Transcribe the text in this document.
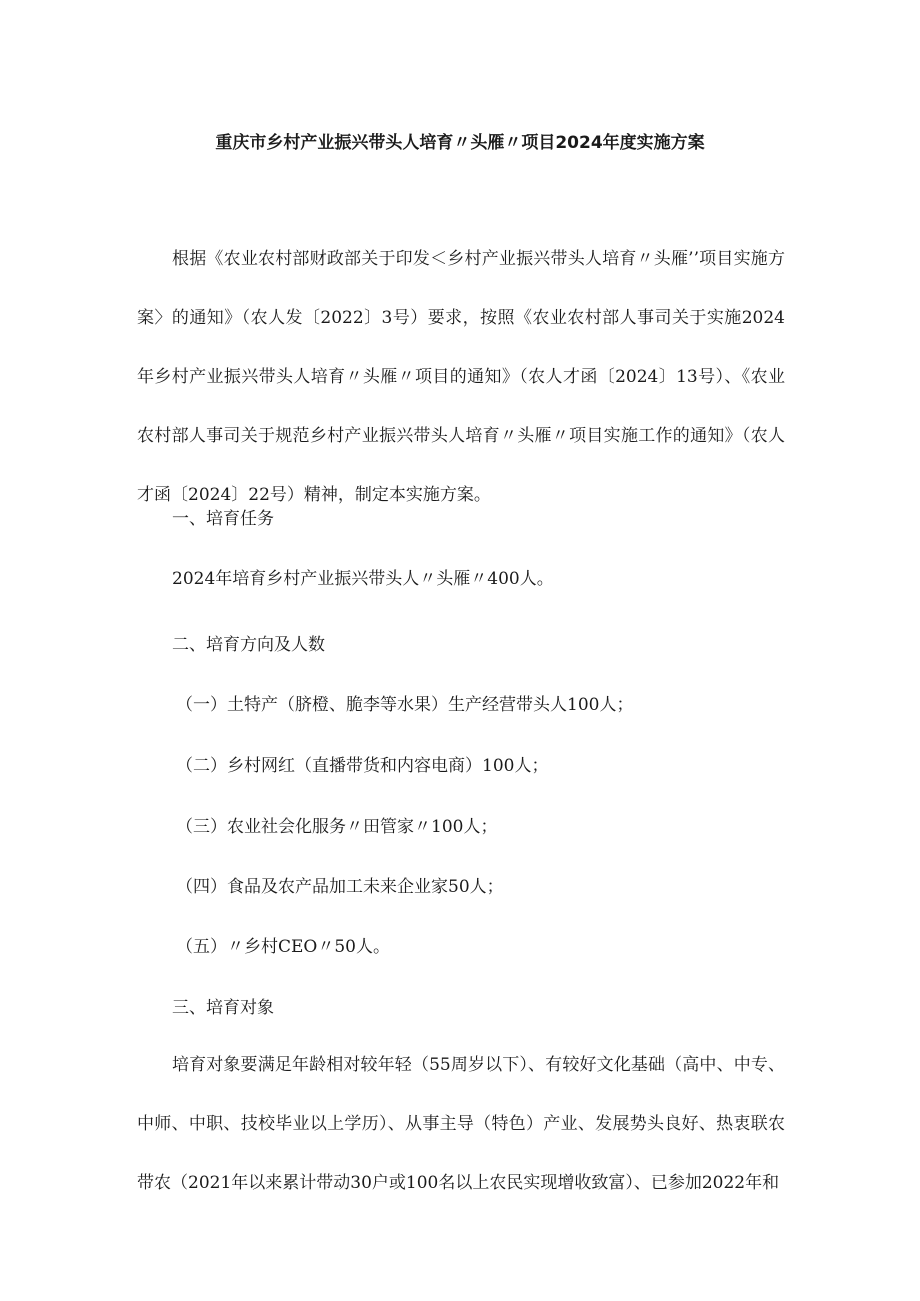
重庆市乡村产业振兴带头人培育〃头雁〃项目2024年度实施方案

根据《农业农村部财政部关于印发＜乡村产业振兴带头人培育〃头雁’’项目实施方案〉的通知》（农人发〔2022〕3号）要求，按照《农业农村部人事司关于实施2024年乡村产业振兴带头人培育〃头雁〃项目的通知》（农人才函〔2024〕13号）、《农业农村部人事司关于规范乡村产业振兴带头人培育〃头雁〃项目实施工作的通知》（农人才函〔2024〕22号）精神，制定本实施方案。

一、培育任务
2024年培育乡村产业振兴带头人〃头雁〃400人。
二、培育方向及人数
（一）土特产（脐橙、脆李等水果）生产经营带头人100人；
（二）乡村网红（直播带货和内容电商）100人；
（三）农业社会化服务〃田管家〃100人；
（四）食品及农产品加工未来企业家50人；
（五）〃乡村CEO〃50人。
三、培育对象

培育对象要满足年龄相对较年轻（55周岁以下）、有较好文化基础（高中、中专、中师、中职、技校毕业以上学历）、从事主导（特色）产业、发展势头良好、热衷联农带农（2021年以来累计带动30户或100名以上农民实现增收致富）、已参加2022年和
